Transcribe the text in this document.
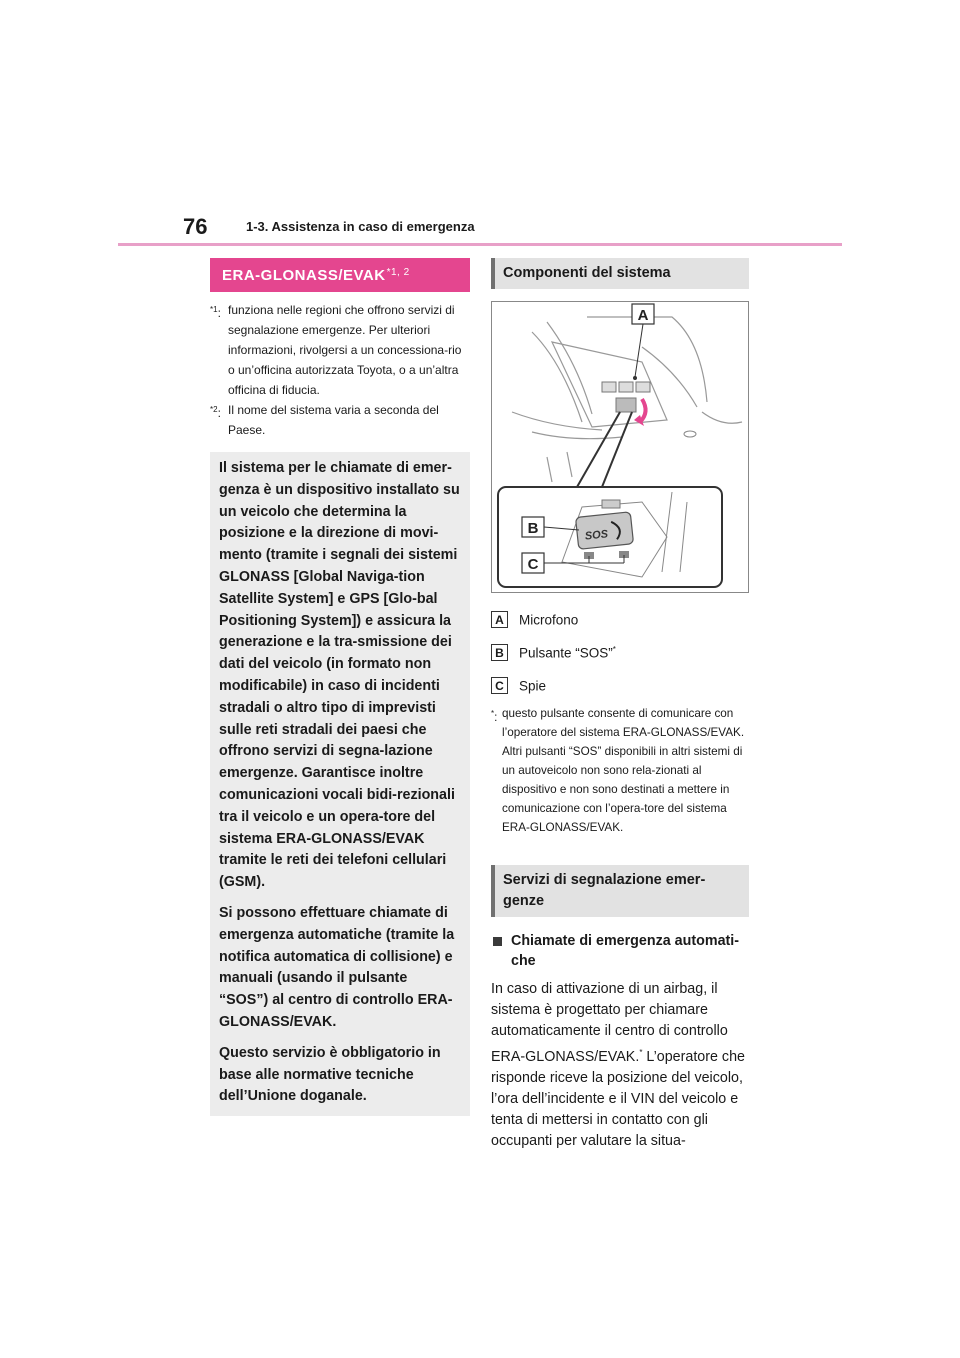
76	1-3. Assistenza in caso di emergenza
ERA-GLONASS/EVAK$^{*1, 2}$
$^{*1}$: funziona nelle regioni che offrono servizi di segnalazione emergenze. Per ulteriori informazioni, rivolgersi a un concessiona-rio o un’officina autorizzata Toyota, o a un’altra officina di fiducia.
$^{*2}$: Il nome del sistema varia a seconda del Paese.

Il sistema per le chiamate di emer-genza è un dispositivo installato su un veicolo che determina la posizione e la direzione di movi-mento (tramite i segnali dei sistemi GLONASS [Global Naviga-tion Satellite System] e GPS [Glo-bal Positioning System]) e assicura la generazione e la tra-smissione dei dati del veicolo (in formato non modificabile) in caso di incidenti stradali o altro tipo di imprevisti sulle reti stradali dei paesi che offrono servizi di segna-lazione emergenze. Garantisce inoltre comunicazioni vocali bidi-rezionali tra il veicolo e un opera-tore del sistema ERA-GLONASS/EVAK tramite le reti dei telefoni cellulari (GSM).

Si possono effettuare chiamate di emergenza automatiche (tramite la notifica automatica di collisione) e manuali (usando il pulsante “SOS”) al centro di controllo ERA-GLONASS/EVAK.

Questo servizio è obbligatorio in base alle normative tecniche dell’Unione doganale.

Componenti del sistema
A
SOS
B
C
A	Microfono
B	Pulsante “SOS”*
C	Spie
*: questo pulsante consente di comunicare con l’operatore del sistema ERA-GLONASS/EVAK.
Altri pulsanti “SOS” disponibili in altri sistemi di un autoveicolo non sono rela-zionati al dispositivo e non sono destinati a mettere in comunicazione con l’opera-tore del sistema ERA-GLONASS/EVAK.
Servizi di segnalazione emer-genze
Chiamate di emergenza automati-che
In caso di attivazione di un airbag, il sistema è progettato per chiamare automaticamente il centro di controllo ERA-GLONASS/EVAK.* L’operatore che risponde riceve la posizione del veicolo, l’ora dell’incidente e il VIN del veicolo e tenta di mettersi in contatto con gli occupanti per valutare la situa-
